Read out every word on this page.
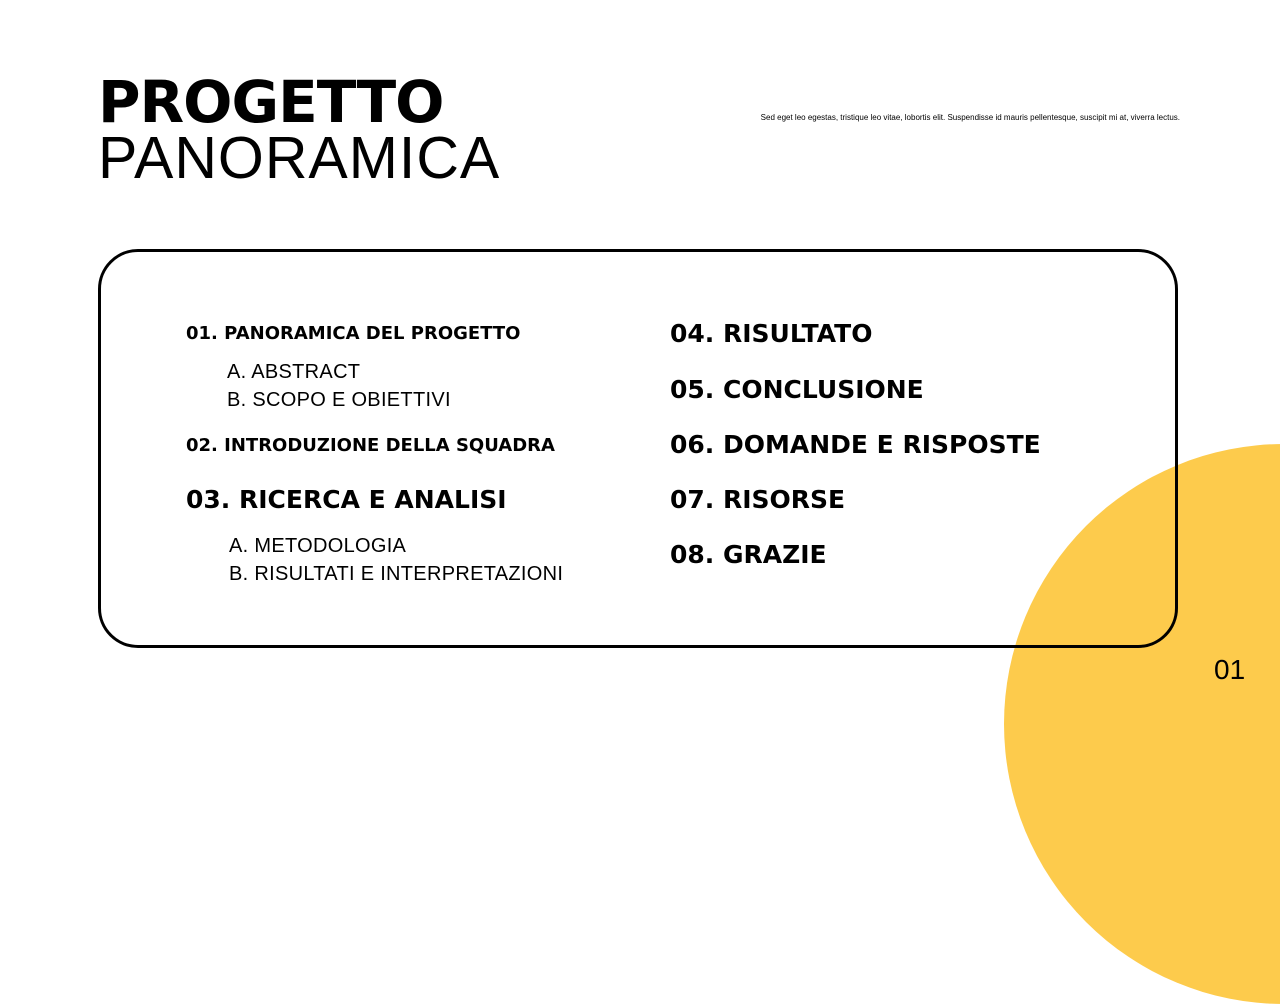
PROGETTO
PANORAMICA
Sed eget leo egestas, tristique leo vitae, lobortis elit. Suspendisse id mauris pellentesque, suscipit mi at, viverra lectus.
01. PANORAMICA DEL PROGETTO
A. ABSTRACT
B. SCOPO E OBIETTIVI
02. INTRODUZIONE DELLA SQUADRA
03. RICERCA E ANALISI
A. METODOLOGIA
B. RISULTATI E INTERPRETAZIONI
04. RISULTATO
05. CONCLUSIONE
06. DOMANDE E RISPOSTE
07. RISORSE
08. GRAZIE
01
